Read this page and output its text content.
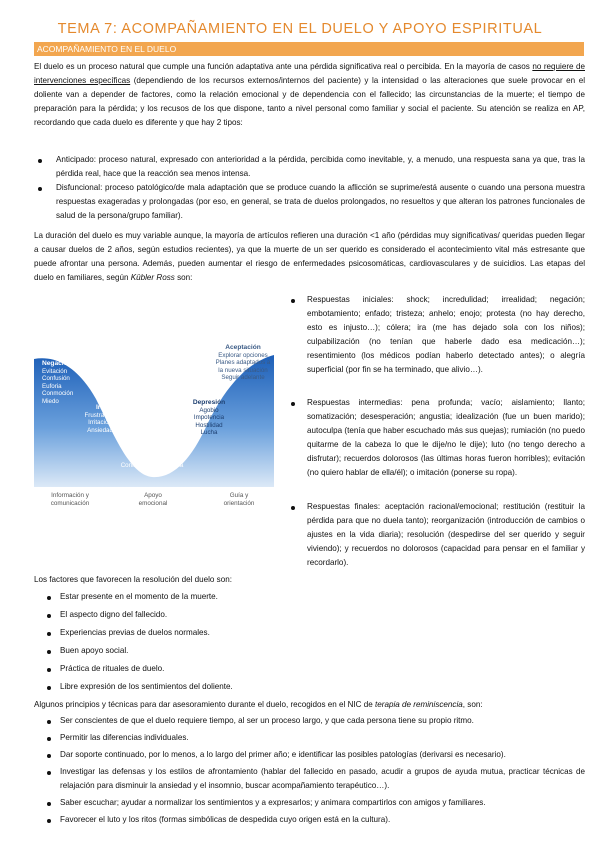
TEMA 7: ACOMPAÑAMIENTO EN EL DUELO Y APOYO ESPIRITUAL
ACOMPAÑAMIENTO EN EL DUELO
El duelo es un proceso natural que cumple una función adaptativa ante una pérdida significativa real o percibida. En la mayoría de casos no requiere de intervenciones específicas (dependiendo de los recursos externos/internos del paciente) y la intensidad o las alteraciones que suele provocar en el doliente van a depender de factores, como la relación emocional y de dependencia con el fallecido; las circunstancias de la muerte; el tiempo de preparación para la pérdida; y los recusos de los que dispone, tanto a nivel personal como familiar y social el paciente. Su atención se realiza en AP, recordando que cada duelo es diferente y que hay 2 tipos:
Anticipado: proceso natural, expresado con anterioridad a la pérdida, percibida como inevitable, y, a menudo, una respuesta sana ya que, tras la pérdida real, hace que la reacción sea menos intensa.
Disfuncional: proceso patológico/de mala adaptación que se produce cuando la aflicción se suprime/está ausente o cuando una persona muestra respuestas exageradas y prolongadas (por eso, en general, se trata de duelos prolongados, no resueltos y que alteran los patrones funcionales de salud de la persona/grupo familiar).
La duración del duelo es muy variable aunque, la mayoría de artículos refieren una duración <1 año (pérdidas muy significativas/ queridas pueden llegar a causar duelos de 2 años, según estudios recientes), ya que la muerte de un ser querido es considerado el acontecimiento vital más estresante que puede afrontar una persona. Además, pueden aumentar el riesgo de enfermedades psicosomáticas, cardiovasculares y de suicidios. Las etapas del duelo en familiares, según Kübler Ross son:
Negación
Evitación
Confusión
Euforia
Conmoción
Miedo
Ira
Frustración
Irritación
Ansiedad
Negociación
Esfuerzos por encon-
trar un sentido
Pedir ayuda
Contar nuestra historia
Depresión
Agobio
Impotencia
Hostilidad
Lucha
Aceptación
Explorar opciones
Planes adaptados a
la nueva situación
Seguir adelante
Información y
comunicación
Apoyo
emocional
Guía y
orientación
Respuestas iniciales: shock; incredulidad; irrealidad; negación; embotamiento; enfado; tristeza; anhelo; enojo; protesta (no hay derecho, esto es injusto…); cólera; ira (me has dejado sola con los niños); culpabilización (no tenían que haberle dado esa medicación…); resentimiento (los médicos podían haberlo detectado antes); o alegría superficial (por fin se ha terminado, que alivio…).
Respuestas intermedias: pena profunda; vacío; aislamiento; llanto; somatización; desesperación; angustia; idealización (fue un buen marido); autoculpa (tenía que haber escuchado más sus quejas); rumiación (no puedo quitarme de la cabeza lo que le dije/no le dije); luto (no tengo derecho a disfrutar); recuerdos dolorosos (las últimas horas fueron horribles); evitación (no quiero hablar de ella/él); o imitación (ponerse su ropa).
Respuestas finales: aceptación racional/emocional; restitución (restituir la pérdida para que no duela tanto); reorganización (introducción de cambios o ajustes en la vida diaria); resolución (despedirse del ser querido y seguir viviendo); y recuerdos no dolorosos (capacidad para pensar en el familiar y recordarlo).
Los factores que favorecen la resolución del duelo son:
Estar presente en el momento de la muerte.
El aspecto digno del fallecido.
Experiencias previas de duelos normales.
Buen apoyo social.
Práctica de rituales de duelo.
Libre expresión de los sentimientos del doliente.
Algunos principios y técnicas para dar asesoramiento durante el duelo, recogidos en el NIC de terapia de reminiscencia, son:
Ser conscientes de que el duelo requiere tiempo, al ser un proceso largo, y que cada persona tiene su propio ritmo.
Permitir las diferencias individuales.
Dar soporte continuado, por lo menos, a lo largo del primer año; e identificar las posibles patologías (derivarsi es necesario).
Investigar las defensas y los estilos de afrontamiento (hablar del fallecido en pasado, acudir a grupos de ayuda mutua, practicar técnicas de relajación para disminuir la ansiedad y el insomnio, buscar acompañamiento terapéutico…).
Saber escuchar; ayudar a normalizar los sentimientos y a expresarlos; y animara compartirlos con amigos y familiares.
Favorecer el luto y los ritos (formas simbólicas de despedida cuyo origen está en la cultura).
